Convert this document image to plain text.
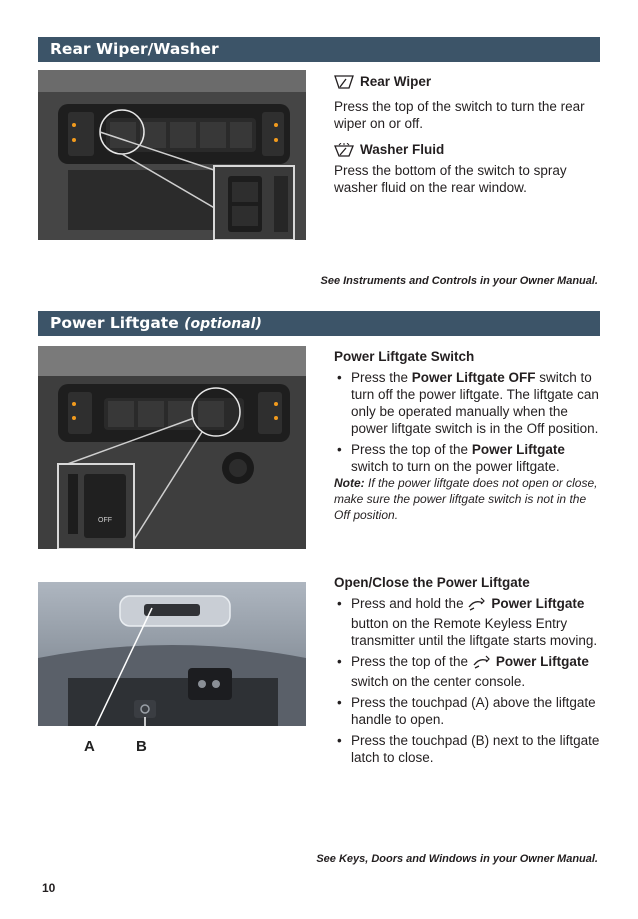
Rear Wiper/Washer

Rear Wiper

Press the top of the switch to turn the rear wiper on or off.

Washer Fluid

Press the bottom of the switch to spray washer fluid on the rear window.

See Instruments and Controls in your Owner Manual.
Power Liftgate (optional)
OFF

Power Liftgate Switch

• Press the Power Liftgate OFF switch to turn off the power liftgate. The liftgate can only be operated manually when the power liftgate switch is in the Off position.
• Press the top of the Power Liftgate switch to turn on the power liftgate.

Note: If the power liftgate does not open or close, make sure the power liftgate switch is not in the Off position.

A	B

Open/Close the Power Liftgate

• Press and hold the Power Liftgate button on the Remote Keyless Entry transmitter until the liftgate starts moving.
• Press the top of the Power Liftgate switch on the center console.
• Press the touchpad (A) above the liftgate handle to open.
• Press the touchpad (B) next to the liftgate latch to close.
See Keys, Doors and Windows in your Owner Manual.
10
